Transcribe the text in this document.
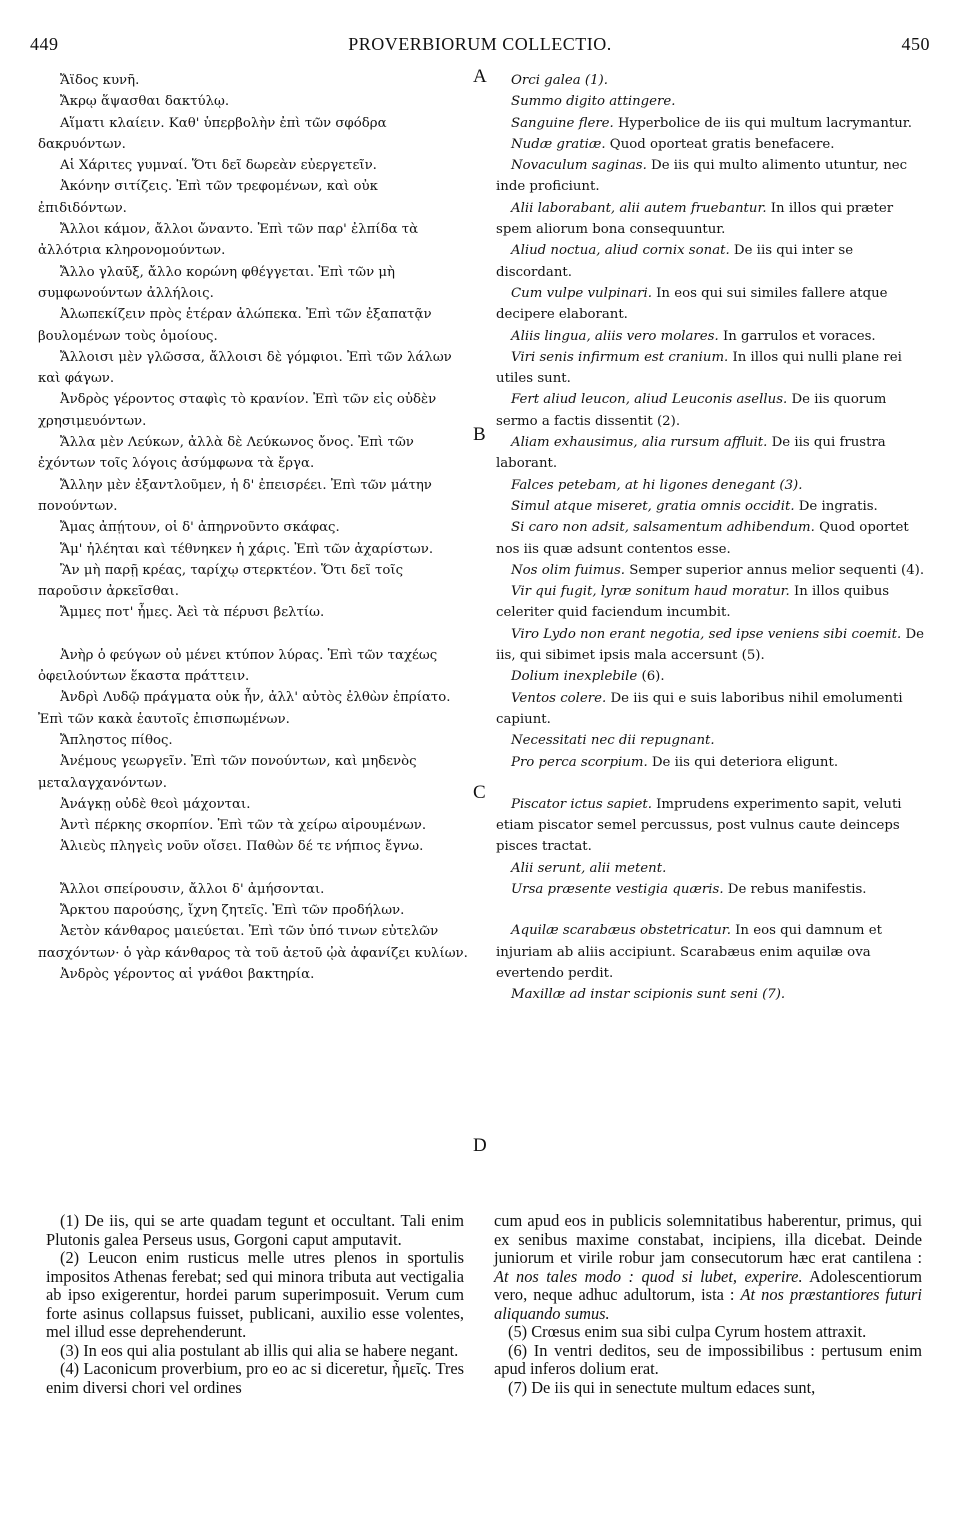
449	PROVERBIORUM COLLECTIO.	450
A
B
C
D
Ἄϊδος κυνῆ.
Ἄκρῳ ἅψασθαι δακτύλῳ.
Αἵματι κλαίειν. Καθ' ὑπερβολὴν ἐπὶ τῶν σφόδρα δακρυόντων.
Αἱ Χάριτες γυμναί. Ὅτι δεῖ δωρεὰν εὐεργετεῖν.
Ἀκόνην σιτίζεις. Ἐπὶ τῶν τρεφομένων, καὶ οὐκ ἐπιδιδόντων.
Ἄλλοι κάμον, ἄλλοι ὤναντο. Ἐπὶ τῶν παρ' ἐλπίδα τὰ ἀλλότρια κληρονομούντων.
Ἄλλο γλαῦξ, ἄλλο κορώνη φθέγγεται. Ἐπὶ τῶν μὴ συμφωνούντων ἀλλήλοις.
Ἀλωπεκίζειν πρὸς ἑτέραν ἀλώπεκα. Ἐπὶ τῶν ἐξαπατᾷν βουλομένων τοὺς ὁμοίους.
Ἄλλοισι μὲν γλῶσσα, ἄλλοισι δὲ γόμφιοι. Ἐπὶ τῶν λάλων καὶ φάγων.
Ἀνδρὸς γέροντος σταφὶς τὸ κρανίον. Ἐπὶ τῶν εἰς οὐδὲν χρησιμευόντων.
Ἄλλα μὲν Λεύκων, ἀλλὰ δὲ Λεύκωνος ὄνος. Ἐπὶ τῶν ἐχόντων τοῖς λόγοις ἀσύμφωνα τὰ ἔργα.
Ἄλλην μὲν ἐξαντλοῦμεν, ἡ δ' ἐπεισρέει. Ἐπὶ τῶν μάτην πονούντων.
Ἄμας ἀπῄτουν, οἱ δ' ἀπηρνοῦντο σκάφας.
Ἅμ' ἠλέηται καὶ τέθνηκεν ἡ χάρις. Ἐπὶ τῶν ἀχαρίστων.
Ἂν μὴ παρῇ κρέας, ταρίχῳ στερκτέον. Ὅτι δεῖ τοῖς παροῦσιν ἀρκεῖσθαι.
Ἄμμες ποτ' ἦμες. Ἀεὶ τὰ πέρυσι βελτίω.
Ἀνὴρ ὁ φεύγων οὐ μένει κτύπον λύρας. Ἐπὶ τῶν ταχέως ὀφειλούντων ἕκαστα πράττειν.
Ἀνδρὶ Λυδῷ πράγματα οὐκ ἦν, ἀλλ' αὐτὸς ἐλθὼν ἐπρίατο. Ἐπὶ τῶν κακὰ ἑαυτοῖς ἐπισπωμένων.
Ἄπληστος πίθος.
Ἀνέμους γεωργεῖν. Ἐπὶ τῶν πονούντων, καὶ μηδενὸς μεταλαγχανόντων.
Ἀνάγκῃ οὐδὲ θεοὶ μάχονται.
Ἀντὶ πέρκης σκορπίον. Ἐπὶ τῶν τὰ χείρω αἱρουμένων.
Ἁλιεὺς πληγεὶς νοῦν οἴσει. Παθὼν δέ τε νήπιος ἔγνω.
Ἄλλοι σπείρουσιν, ἄλλοι δ' ἀμήσονται.
Ἄρκτου παρούσης, ἴχνη ζητεῖς. Ἐπὶ τῶν προδήλων.
Ἀετὸν κάνθαρος μαιεύεται. Ἐπὶ τῶν ὑπό τινων εὐτελῶν πασχόντων· ὁ γὰρ κάνθαρος τὰ τοῦ ἀετοῦ ᾠὰ ἀφανίζει κυλίων.
Ἀνδρὸς γέροντος αἱ γνάθοι βακτηρία.
Orci galea (1).
Summo digito attingere.
Sanguine flere. Hyperbolice de iis qui multum lacrymantur.
Nudæ gratiæ. Quod oporteat gratis benefacere.
Novaculum saginas. De iis qui multo alimento utuntur, nec inde proficiunt.
Alii laborabant, alii autem fruebantur. In illos qui præter spem aliorum bona consequuntur.
Aliud noctua, aliud cornix sonat. De iis qui inter se discordant.
Cum vulpe vulpinari. In eos qui sui similes fallere atque decipere elaborant.
Aliis lingua, aliis vero molares. In garrulos et voraces.
Viri senis infirmum est cranium. In illos qui nulli plane rei utiles sunt.
Fert aliud leucon, aliud Leuconis asellus. De iis quorum sermo a factis dissentit (2).
Aliam exhausimus, alia rursum affluit. De iis qui frustra laborant.
Falces petebam, at hi ligones denegant (3).
Simul atque miseret, gratia omnis occidit. De ingratis.
Si caro non adsit, salsamentum adhibendum. Quod oportet nos iis quæ adsunt contentos esse.
Nos olim fuimus. Semper superior annus melior sequenti (4).
Vir qui fugit, lyræ sonitum haud moratur. In illos quibus celeriter quid faciendum incumbit.
Viro Lydo non erant negotia, sed ipse veniens sibi coemit. De iis, qui sibimet ipsis mala accersunt (5).
Dolium inexplebile (6).
Ventos colere. De iis qui e suis laboribus nihil emolumenti capiunt.
Necessitati nec dii repugnant.
Pro perca scorpium. De iis qui deteriora eligunt.
Piscator ictus sapiet. Imprudens experimento sapit, veluti etiam piscator semel percussus, post vulnus caute deinceps pisces tractat.
Alii serunt, alii metent.
Ursa præsente vestigia quæris. De rebus manifestis.
Aquilæ scarabæus obstetricatur. In eos qui damnum et injuriam ab aliis accipiunt. Scarabæus enim aquilæ ova evertendo perdit.
Maxillæ ad instar scipionis sunt seni (7).
(1) De iis, qui se arte quadam tegunt et occultant. Tali enim Plutonis galea Perseus usus, Gorgoni caput amputavit.
(2) Leucon enim rusticus melle utres plenos in sportulis impositos Athenas ferebat; sed qui minora tributa aut vectigalia ab ipso exigerentur, hordei parum superimposuit. Verum cum forte asinus collapsus fuisset, publicani, auxilio esse volentes, mel illud esse deprehenderunt.
(3) In eos qui alia postulant ab illis qui alia se habere negant.
(4) Laconicum proverbium, pro eo ac si diceretur, ἦμεῖς. Tres enim diversi chori vel ordines
cum apud eos in publicis solemnitatibus haberentur, primus, qui ex senibus maxime constabat, incipiens, illa dicebat. Deinde juniorum et virile robur jam consecutorum hæc erat cantilena : At nos tales modo : quod si lubet, experire. Adolescentiorum vero, neque adhuc adultorum, ista : At nos præstantiores futuri aliquando sumus.
(5) Crœsus enim sua sibi culpa Cyrum hostem attraxit.
(6) In ventri deditos, seu de impossibilibus : pertusum enim apud inferos dolium erat.
(7) De iis qui in senectute multum edaces sunt,
